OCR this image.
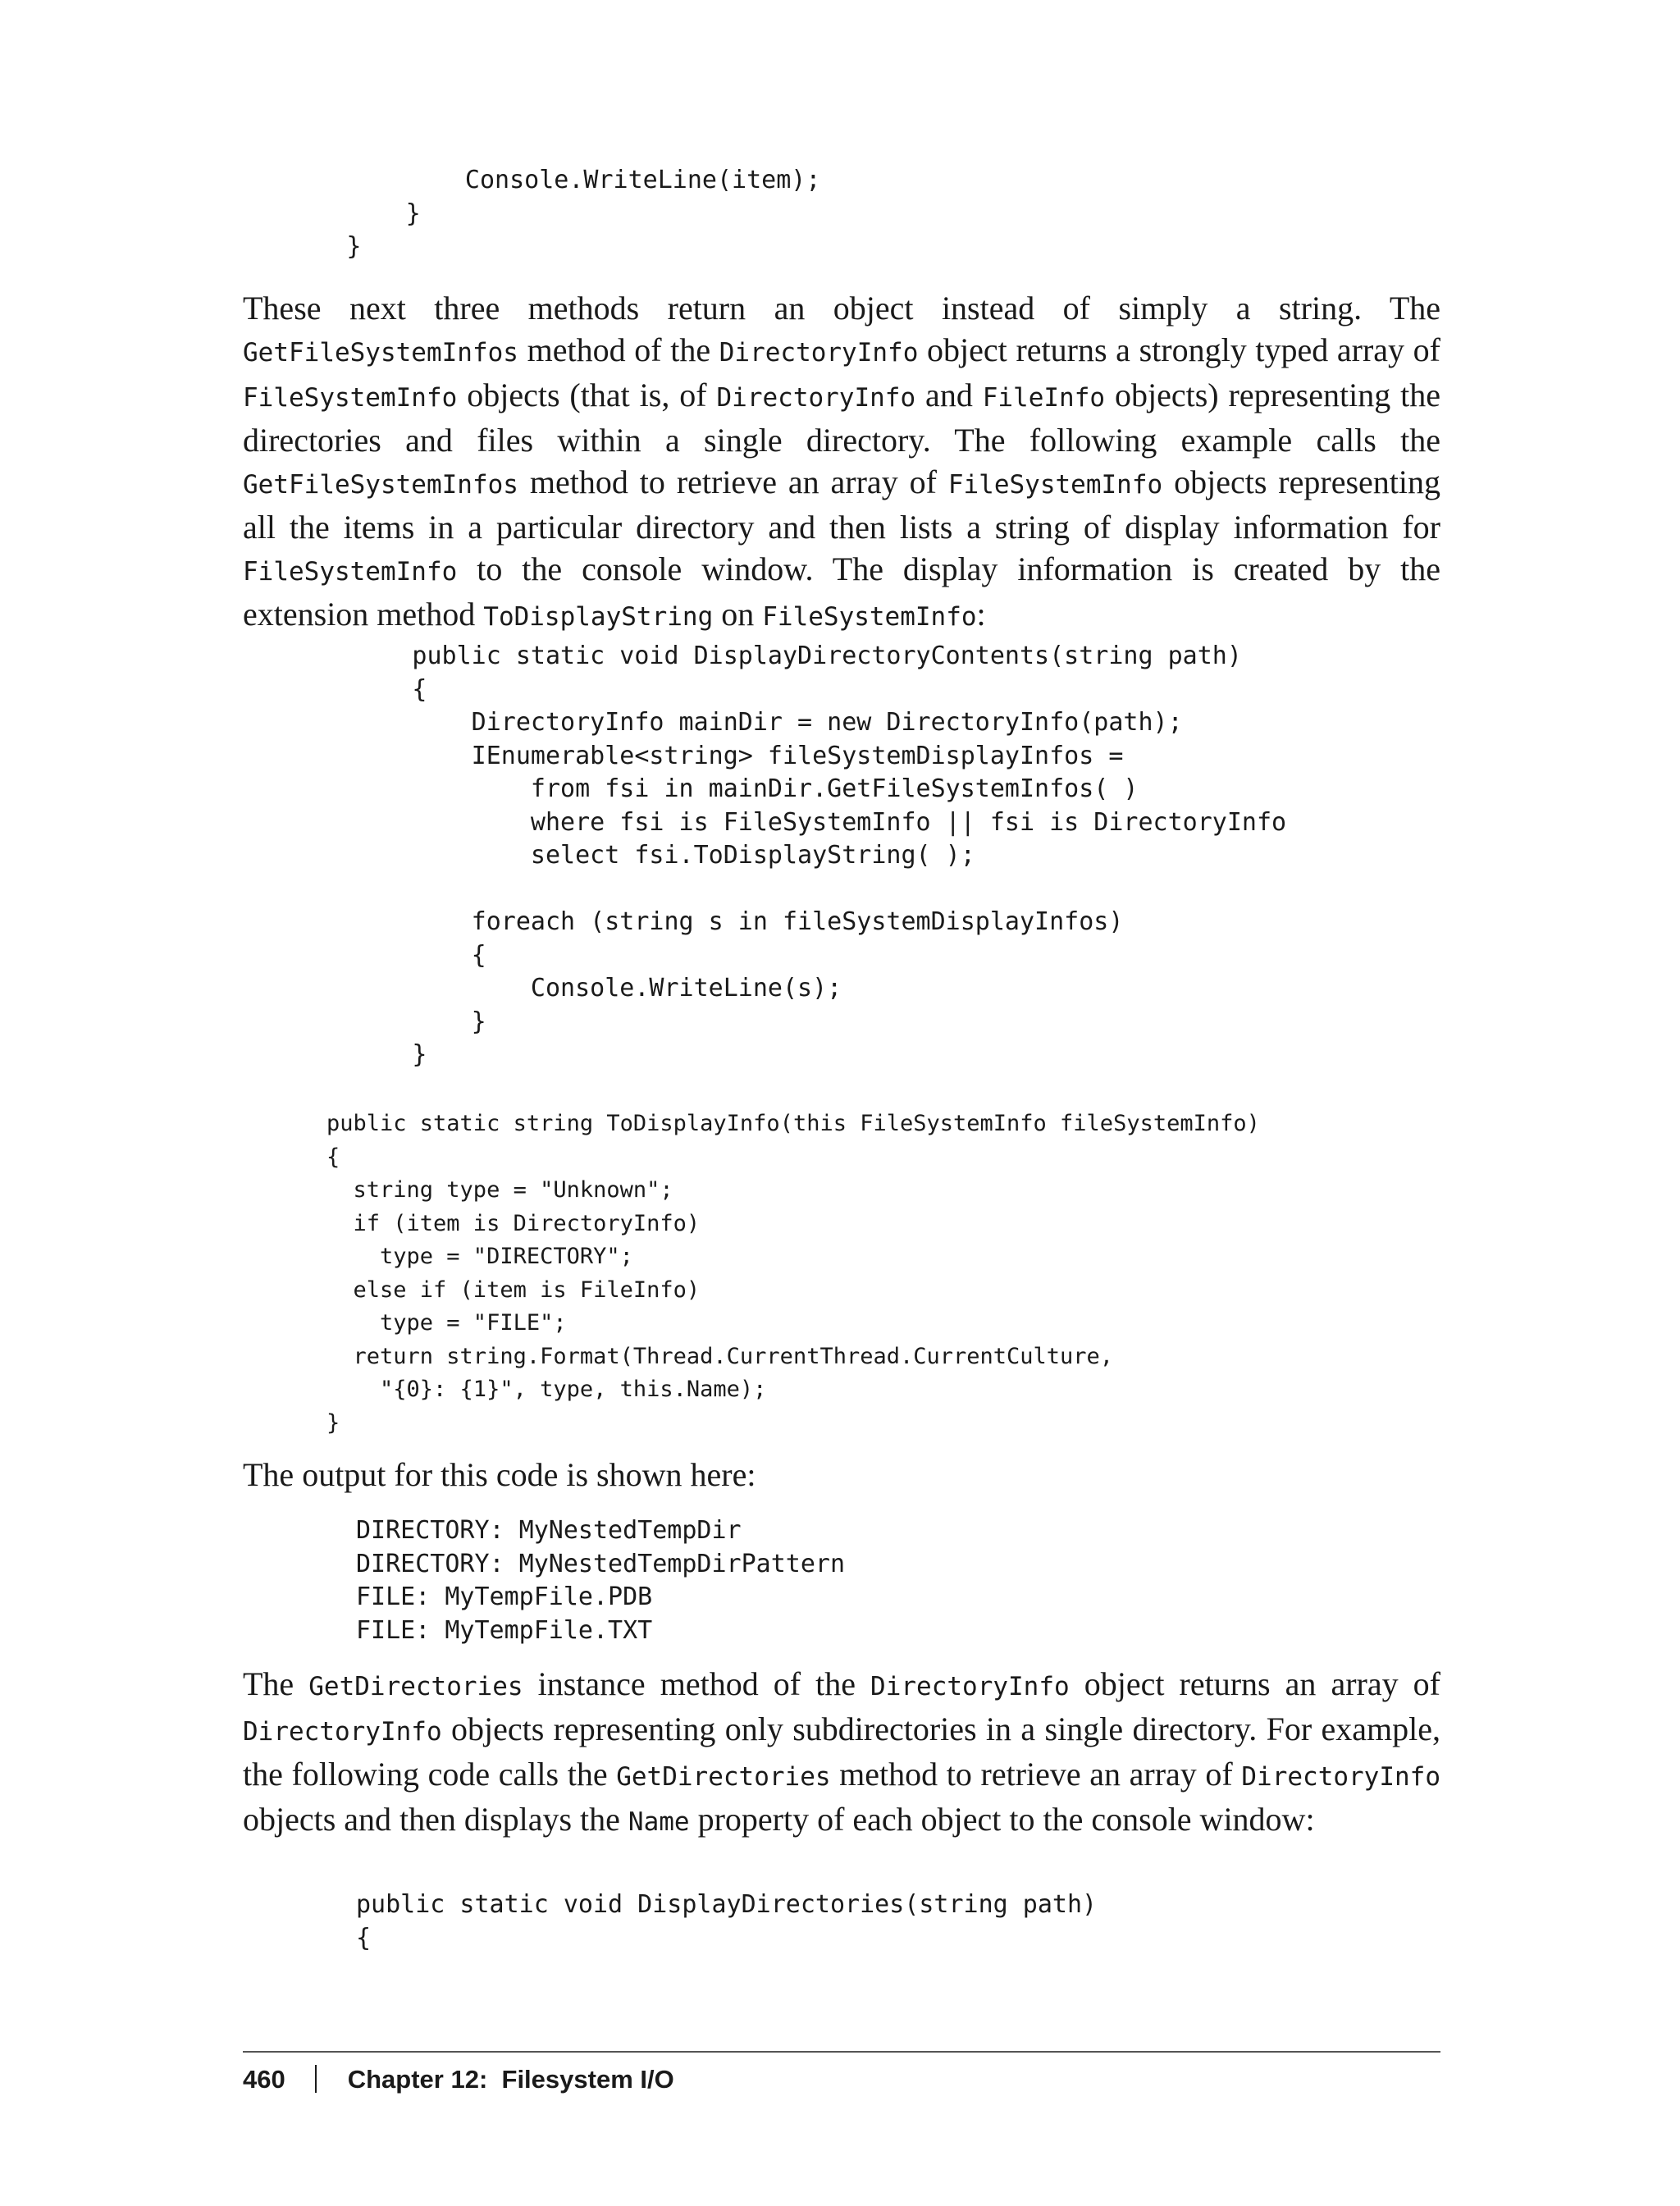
Console.WriteLine(item);
}
}

These next three methods return an object instead of simply a string. The GetFileSystemInfos method of the DirectoryInfo object returns a strongly typed array of FileSystemInfo objects (that is, of DirectoryInfo and FileInfo objects) representing the directories and files within a single directory. The following example calls the GetFileSystemInfos method to retrieve an array of FileSystemInfo objects representing all the items in a particular directory and then lists a string of display information for FileSystemInfo to the console window. The display information is created by the extension method ToDisplayString on FileSystemInfo:

public static void DisplayDirectoryContents(string path)
{
DirectoryInfo mainDir = new DirectoryInfo(path);
IEnumerable<string> fileSystemDisplayInfos =
from fsi in mainDir.GetFileSystemInfos( )
where fsi is FileSystemInfo || fsi is DirectoryInfo
select fsi.ToDisplayString( );

foreach (string s in fileSystemDisplayInfos)
{
Console.WriteLine(s);
}
}
public static string ToDisplayInfo(this FileSystemInfo fileSystemInfo)
{
string type = "Unknown";
if (item is DirectoryInfo)
type = "DIRECTORY";
else if (item is FileInfo)
type = "FILE";
return string.Format(Thread.CurrentThread.CurrentCulture,
"{0}: {1}", type, this.Name);
}

The output for this code is shown here:

DIRECTORY: MyNestedTempDir
DIRECTORY: MyNestedTempDirPattern
FILE: MyTempFile.PDB
FILE: MyTempFile.TXT

The GetDirectories instance method of the DirectoryInfo object returns an array of DirectoryInfo objects representing only subdirectories in a single directory. For example, the following code calls the GetDirectories method to retrieve an array of DirectoryInfo objects and then displays the Name property of each object to the console window:

public static void DisplayDirectories(string path)
{
460 Chapter 12:  Filesystem I/O
